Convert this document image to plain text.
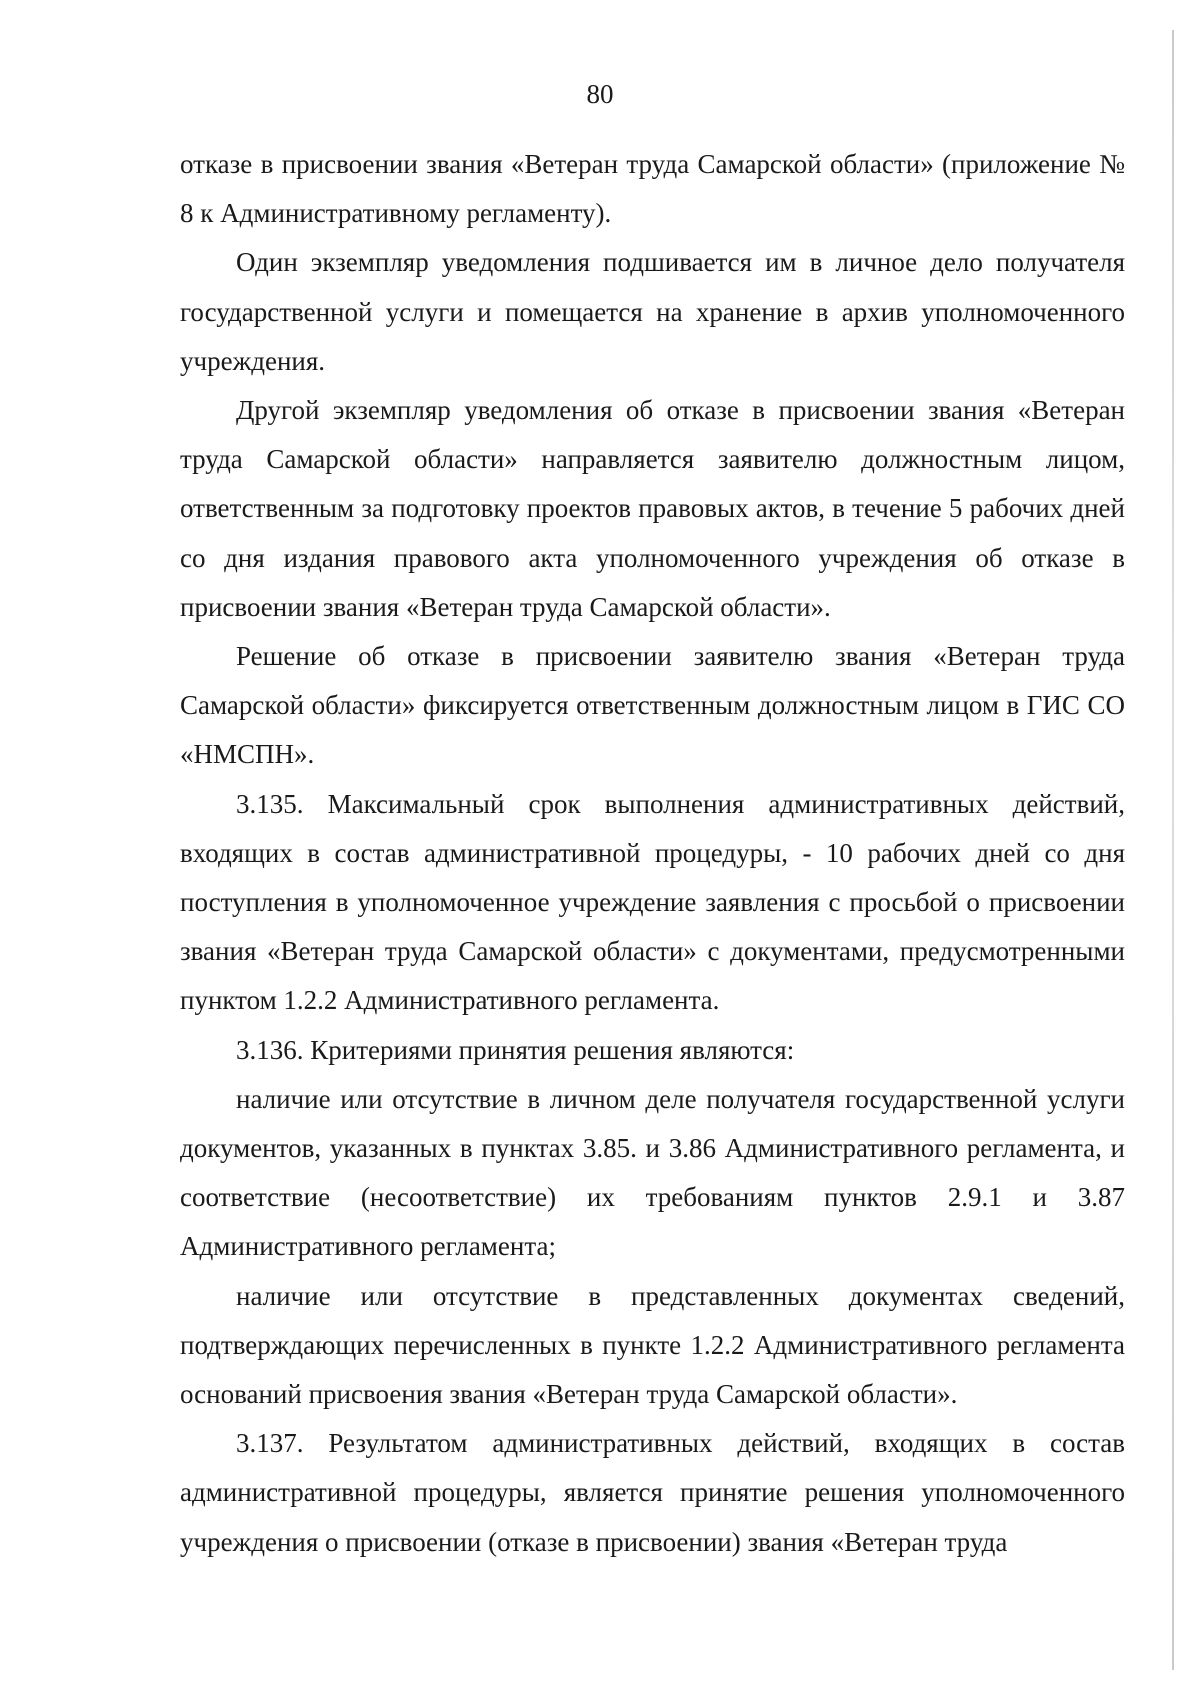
80

отказе в присвоении звания «Ветеран труда Самарской области» (приложение № 8 к Административному регламенту).

Один экземпляр уведомления подшивается им в личное дело получателя государственной услуги и помещается на хранение в архив уполномоченного учреждения.

Другой экземпляр уведомления об отказе в присвоении звания «Ветеран труда Самарской области» направляется заявителю должностным лицом, ответственным за подготовку проектов правовых актов, в течение 5 рабочих дней со дня издания правового акта уполномоченного учреждения об отказе в присвоении звания «Ветеран труда Самарской области».

Решение об отказе в присвоении заявителю звания «Ветеран труда Самарской области» фиксируется ответственным должностным лицом в ГИС СО «НМСПН».

3.135. Максимальный срок выполнения административных действий, входящих в состав административной процедуры, - 10 рабочих дней со дня поступления в уполномоченное учреждение заявления с просьбой о присвоении звания «Ветеран труда Самарской области» с документами, предусмотренными пунктом 1.2.2 Административного регламента.

3.136. Критериями принятия решения являются:

наличие или отсутствие в личном деле получателя государственной услуги документов, указанных в пунктах 3.85. и 3.86 Административного регламента, и соответствие (несоответствие) их требованиям пунктов 2.9.1 и 3.87 Административного регламента;

наличие или отсутствие в представленных документах сведений, подтверждающих перечисленных в пункте 1.2.2 Административного регламента оснований присвоения звания «Ветеран труда Самарской области».

3.137. Результатом административных действий, входящих в состав административной процедуры, является принятие решения уполномоченного учреждения о присвоении (отказе в присвоении) звания «Ветеран труда
